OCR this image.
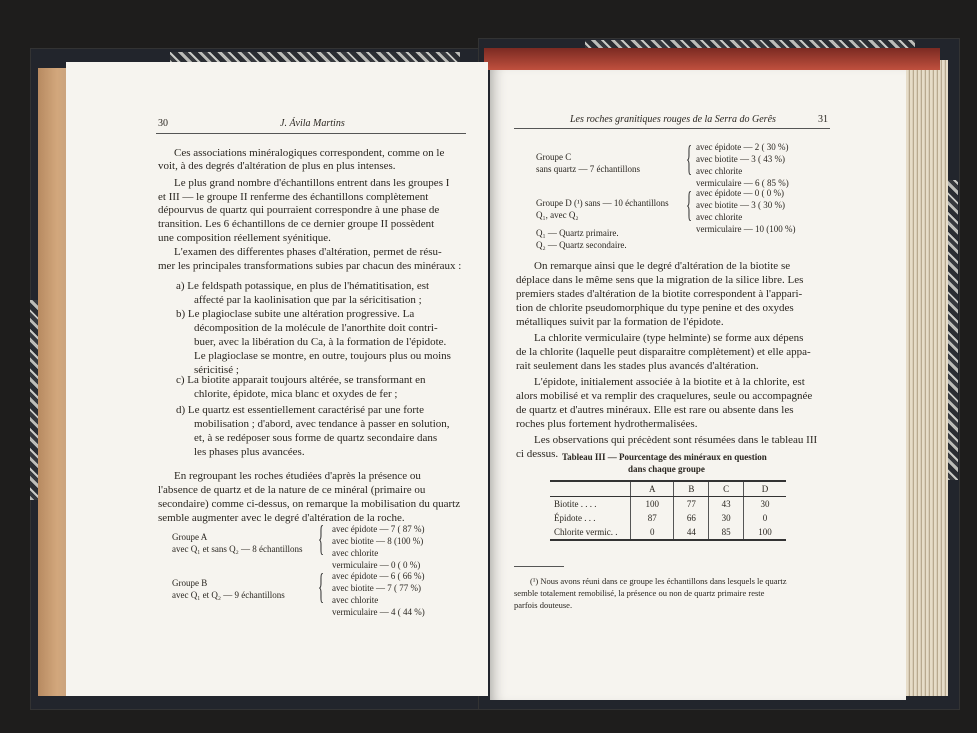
30	J. Ávila Martins
Ces associations minéralogiques correspondent, comme on le
voit, à des degrés d'altération de plus en plus intenses.
Le plus grand nombre d'échantillons entrent dans les groupes I
et III — le groupe II renferme des échantillons complètement
dépourvus de quartz qui pourraient correspondre à une phase de
transition. Les 6 échantillons de ce dernier groupe II possèdent
une composition réellement syénitique.
L'examen des differentes phases d'altération, permet de résu-
mer les principales transformations subies par chacun des minéraux :
a) Le feldspath potassique, en plus de l'hématitisation, est
affecté par la kaolinisation que par la séricitisation ;
b) Le plagioclase subite une altération progressive. La
décomposition de la molécule de l'anorthite doit contri-
buer, avec la libération du Ca, à la formation de l'épidote.
Le plagioclase se montre, en outre, toujours plus ou moins
séricitisé ;
c) La biotite apparait toujours altérée, se transformant en
chlorite, épidote, mica blanc et oxydes de fer ;
d) Le quartz est essentiellement caractérisé par une forte
mobilisation ; d'abord, avec tendance à passer en solution,
et, à se redéposer sous forme de quartz secondaire dans
les phases plus avancées.
En regroupant les roches étudiées d'après la présence ou
l'absence de quartz et de la nature de ce minéral (primaire ou
secondaire) comme ci-dessus, on remarque la mobilisation du quartz
semble augmenter avec le degré d'altération de la roche.
Groupe A
avec Q₁ et sans Q₂ — 8 échantillons { avec épidote — 7 ( 87 %)
avec biotite — 8 (100 %)
avec chlorite
vermiculaire — 0 ( 0 %)
Groupe B
avec Q₁ et Q₂ — 9 échantillons { avec épidote — 6 ( 66 %)
avec biotite — 7 ( 77 %)
avec chlorite
vermiculaire — 4 ( 44 %)
Les roches granitiques rouges de la Serra do Gerês	31
Groupe C
sans quartz — 7 échantillons { avec épidote — 2 ( 30 %)
avec biotite — 3 ( 43 %)
avec chlorite
vermiculaire — 6 ( 85 %)
Groupe D (¹) sans — 10 échantillons
Q₁, avec Q₂	{ avec épidote — 0 ( 0 %)
avec biotite — 3 ( 30 %)
avec chlorite
vermiculaire — 10 (100 %)
Q₁ — Quartz primaire.
Q₂ — Quartz secondaire.
On remarque ainsi que le degré d'altération de la biotite se
déplace dans le même sens que la migration de la silice libre. Les
premiers stades d'altération de la biotite correspondent à l'appari-
tion de chlorite pseudomorphique du type penine et des oxydes
métalliques suivit par la formation de l'épidote.
La chlorite vermiculaire (type helminte) se forme aux dépens
de la chlorite (laquelle peut disparaitre complètement) et elle appa-
rait seulement dans les stades plus avancés d'altération.
L'épidote, initialement associée à la biotite et à la chlorite, est
alors mobilisé et va remplir des craquelures, seule ou accompagnée
de quartz et d'autres minéraux. Elle est rare ou absente dans les
roches plus fortement hydrothermalisées.
Les observations qui précèdent sont résumées dans le tableau III
ci dessus. Tableau III — Pourcentage des minéraux en question
dans chaque groupe
	A	B	C	D
Biotite . . . .	100	77	43	30
Épidote . . .	87	66	30	0
Chlorite vermic. .	0	44	85	100
(¹) Nous avons réuni dans ce groupe les échantillons dans lesquels le quartz
semble totalement remobilisé, la présence ou non de quartz primaire reste
parfois douteuse.
